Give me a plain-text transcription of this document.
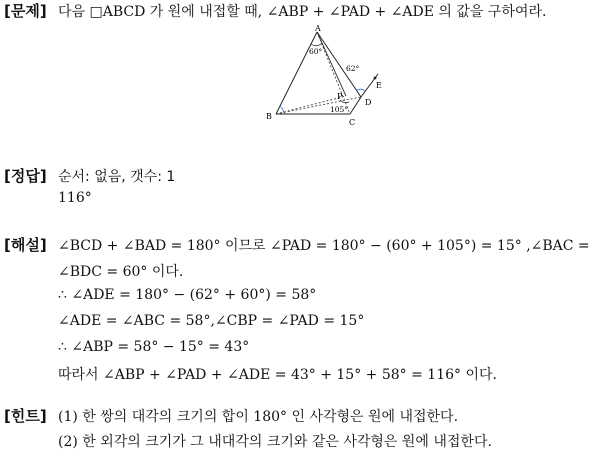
[문제] 다음 □ABCD 가 원에 내접할 때, ∠ABP + ∠PAD + ∠ADE 의 값을 구하여라.
A
B
C
D
E
P
60°
62°
105°
[정답] 순서: 없음, 갯수: 1
116°
[해설] ∠BCD + ∠BAD = 180° 이므로 ∠PAD = 180° − (60° + 105°) = 15° ,∠BAC =
∠BDC = 60° 이다.
∴ ∠ADE = 180° − (62° + 60°) = 58°
∠ADE = ∠ABC = 58°,∠CBP = ∠PAD = 15°
∴ ∠ABP = 58° − 15° = 43°
따라서 ∠ABP + ∠PAD + ∠ADE = 43° + 15° + 58° = 116° 이다.
[힌트] (1) 한 쌍의 대각의 크기의 합이 180° 인 사각형은 원에 내접한다.
(2) 한 외각의 크기가 그 내대각의 크기와 같은 사각형은 원에 내접한다.
